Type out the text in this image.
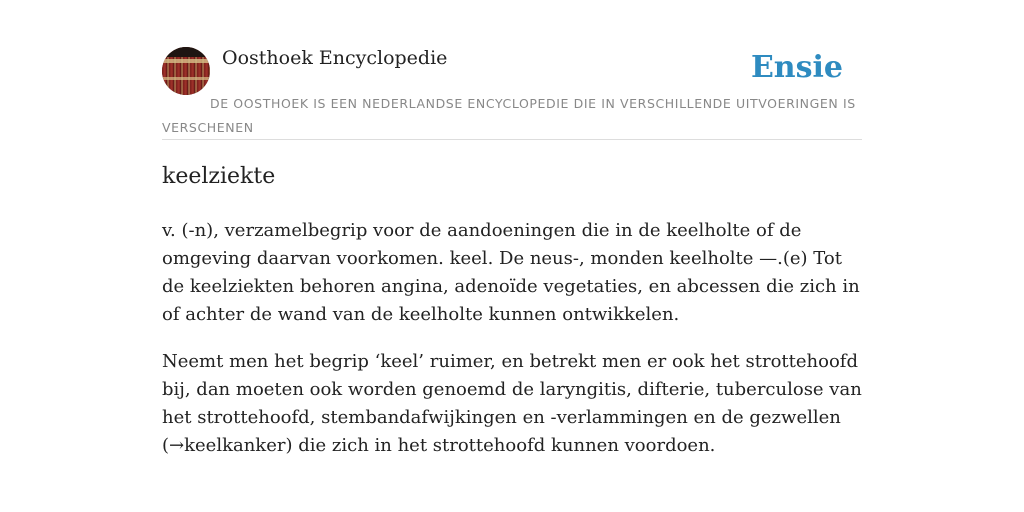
Oosthoek Encyclopedie	Ensie
DE OOSTHOEK IS EEN NEDERLANDSE ENCYCLOPEDIE DIE IN VERSCHILLENDE UITVOERINGEN IS VERSCHENEN
keelziekte

v. (-n), verzamelbegrip voor de aandoeningen die in de keelholte of de omgeving daarvan voorkomen. keel. De neus-, monden keelholte —.(e) Tot de keelziekten behoren angina, adenoïde vegetaties, en abcessen die zich in of achter de wand van de keelholte kunnen ontwikkelen.

Neemt men het begrip ‘keel’ ruimer, en betrekt men er ook het strottehoofd bij, dan moeten ook worden genoemd de laryngitis, difterie, tuberculose van het strottehoofd, stembandafwijkingen en -verlammingen en de gezwellen (→keelkanker) die zich in het strottehoofd kunnen voordoen.
